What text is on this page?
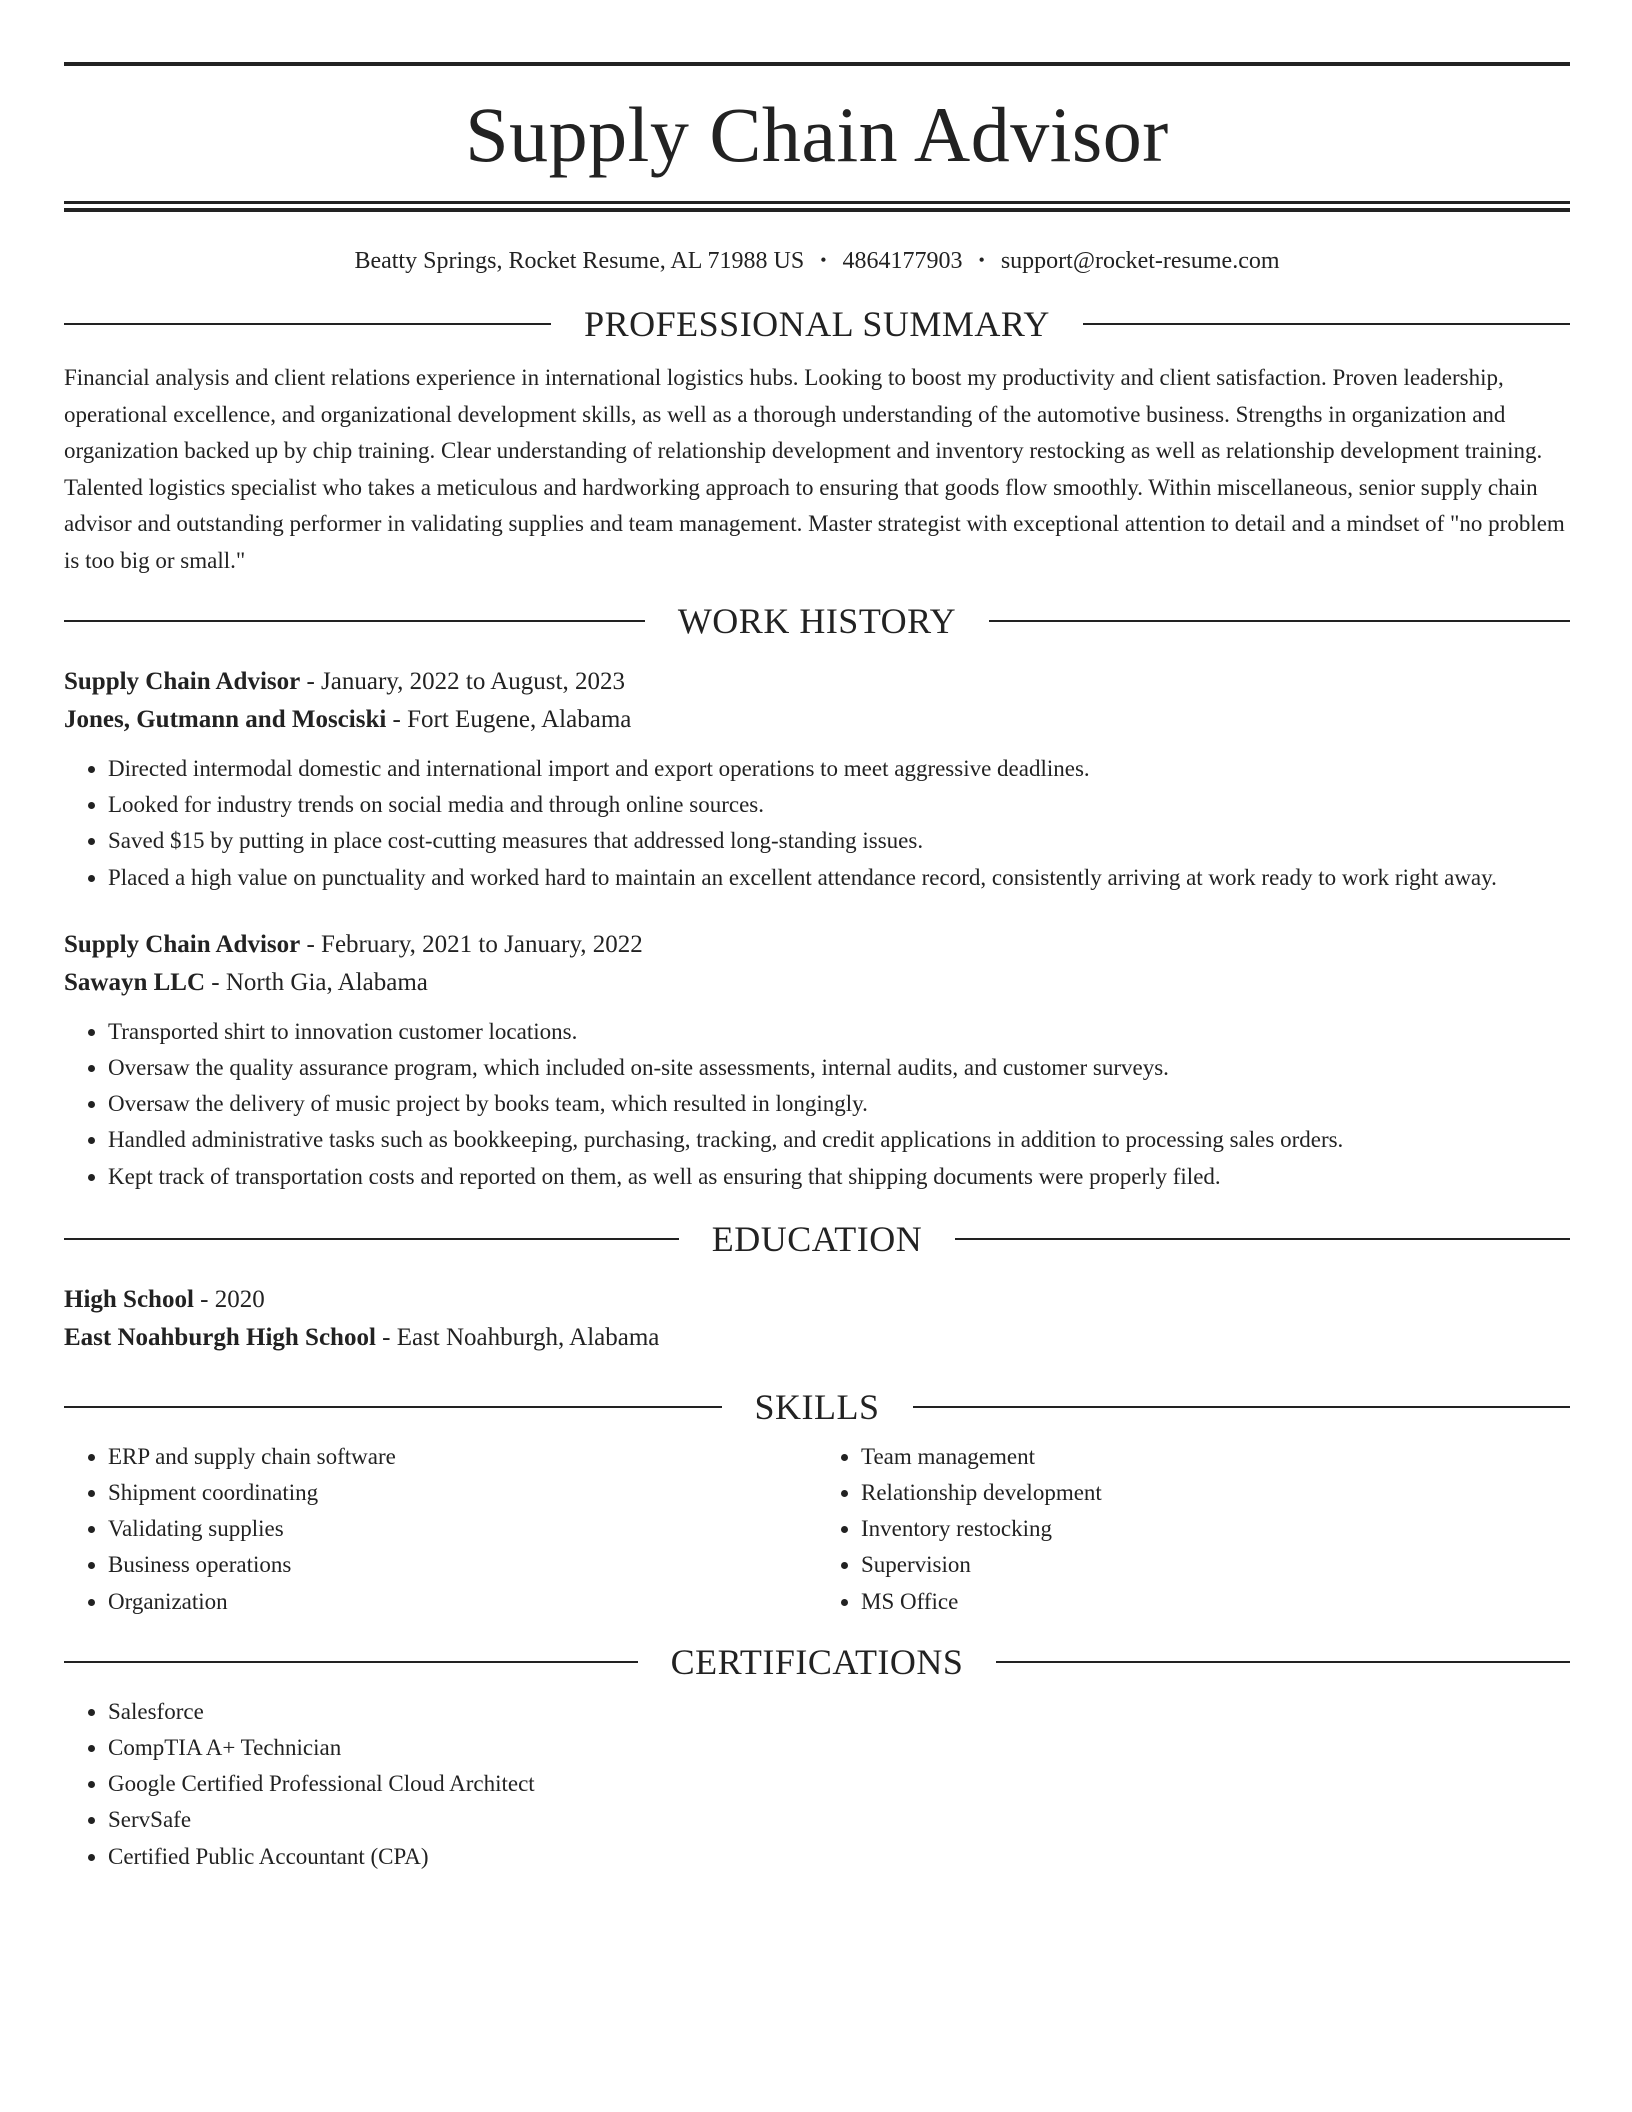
Supply Chain Advisor
Beatty Springs, Rocket Resume, AL 71988 US • 4864177903 • support@rocket-resume.com
PROFESSIONAL SUMMARY

Financial analysis and client relations experience in international logistics hubs. Looking to boost my productivity and client satisfaction. Proven leadership, operational excellence, and organizational development skills, as well as a thorough understanding of the automotive business. Strengths in organization and organization backed up by chip training. Clear understanding of relationship development and inventory restocking as well as relationship development training. Talented logistics specialist who takes a meticulous and hardworking approach to ensuring that goods flow smoothly. Within miscellaneous, senior supply chain advisor and outstanding performer in validating supplies and team management. Master strategist with exceptional attention to detail and a mindset of "no problem is too big or small."

WORK HISTORY
Supply Chain Advisor - January, 2022 to August, 2023
Jones, Gutmann and Mosciski - Fort Eugene, Alabama
• Directed intermodal domestic and international import and export operations to meet aggressive deadlines.
• Looked for industry trends on social media and through online sources.
• Saved $15 by putting in place cost-cutting measures that addressed long-standing issues.
• Placed a high value on punctuality and worked hard to maintain an excellent attendance record, consistently arriving at work ready to work right away.
Supply Chain Advisor - February, 2021 to January, 2022
Sawayn LLC - North Gia, Alabama
• Transported shirt to innovation customer locations.
• Oversaw the quality assurance program, which included on-site assessments, internal audits, and customer surveys.
• Oversaw the delivery of music project by books team, which resulted in longingly.
• Handled administrative tasks such as bookkeeping, purchasing, tracking, and credit applications in addition to processing sales orders.
• Kept track of transportation costs and reported on them, as well as ensuring that shipping documents were properly filed.
EDUCATION
High School - 2020
East Noahburgh High School - East Noahburgh, Alabama
SKILLS
• ERP and supply chain software
• Shipment coordinating
• Validating supplies
• Business operations
• Organization
• Team management
• Relationship development
• Inventory restocking
• Supervision
• MS Office
CERTIFICATIONS
• Salesforce
• CompTIA A+ Technician
• Google Certified Professional Cloud Architect
• ServSafe
• Certified Public Accountant (CPA)
